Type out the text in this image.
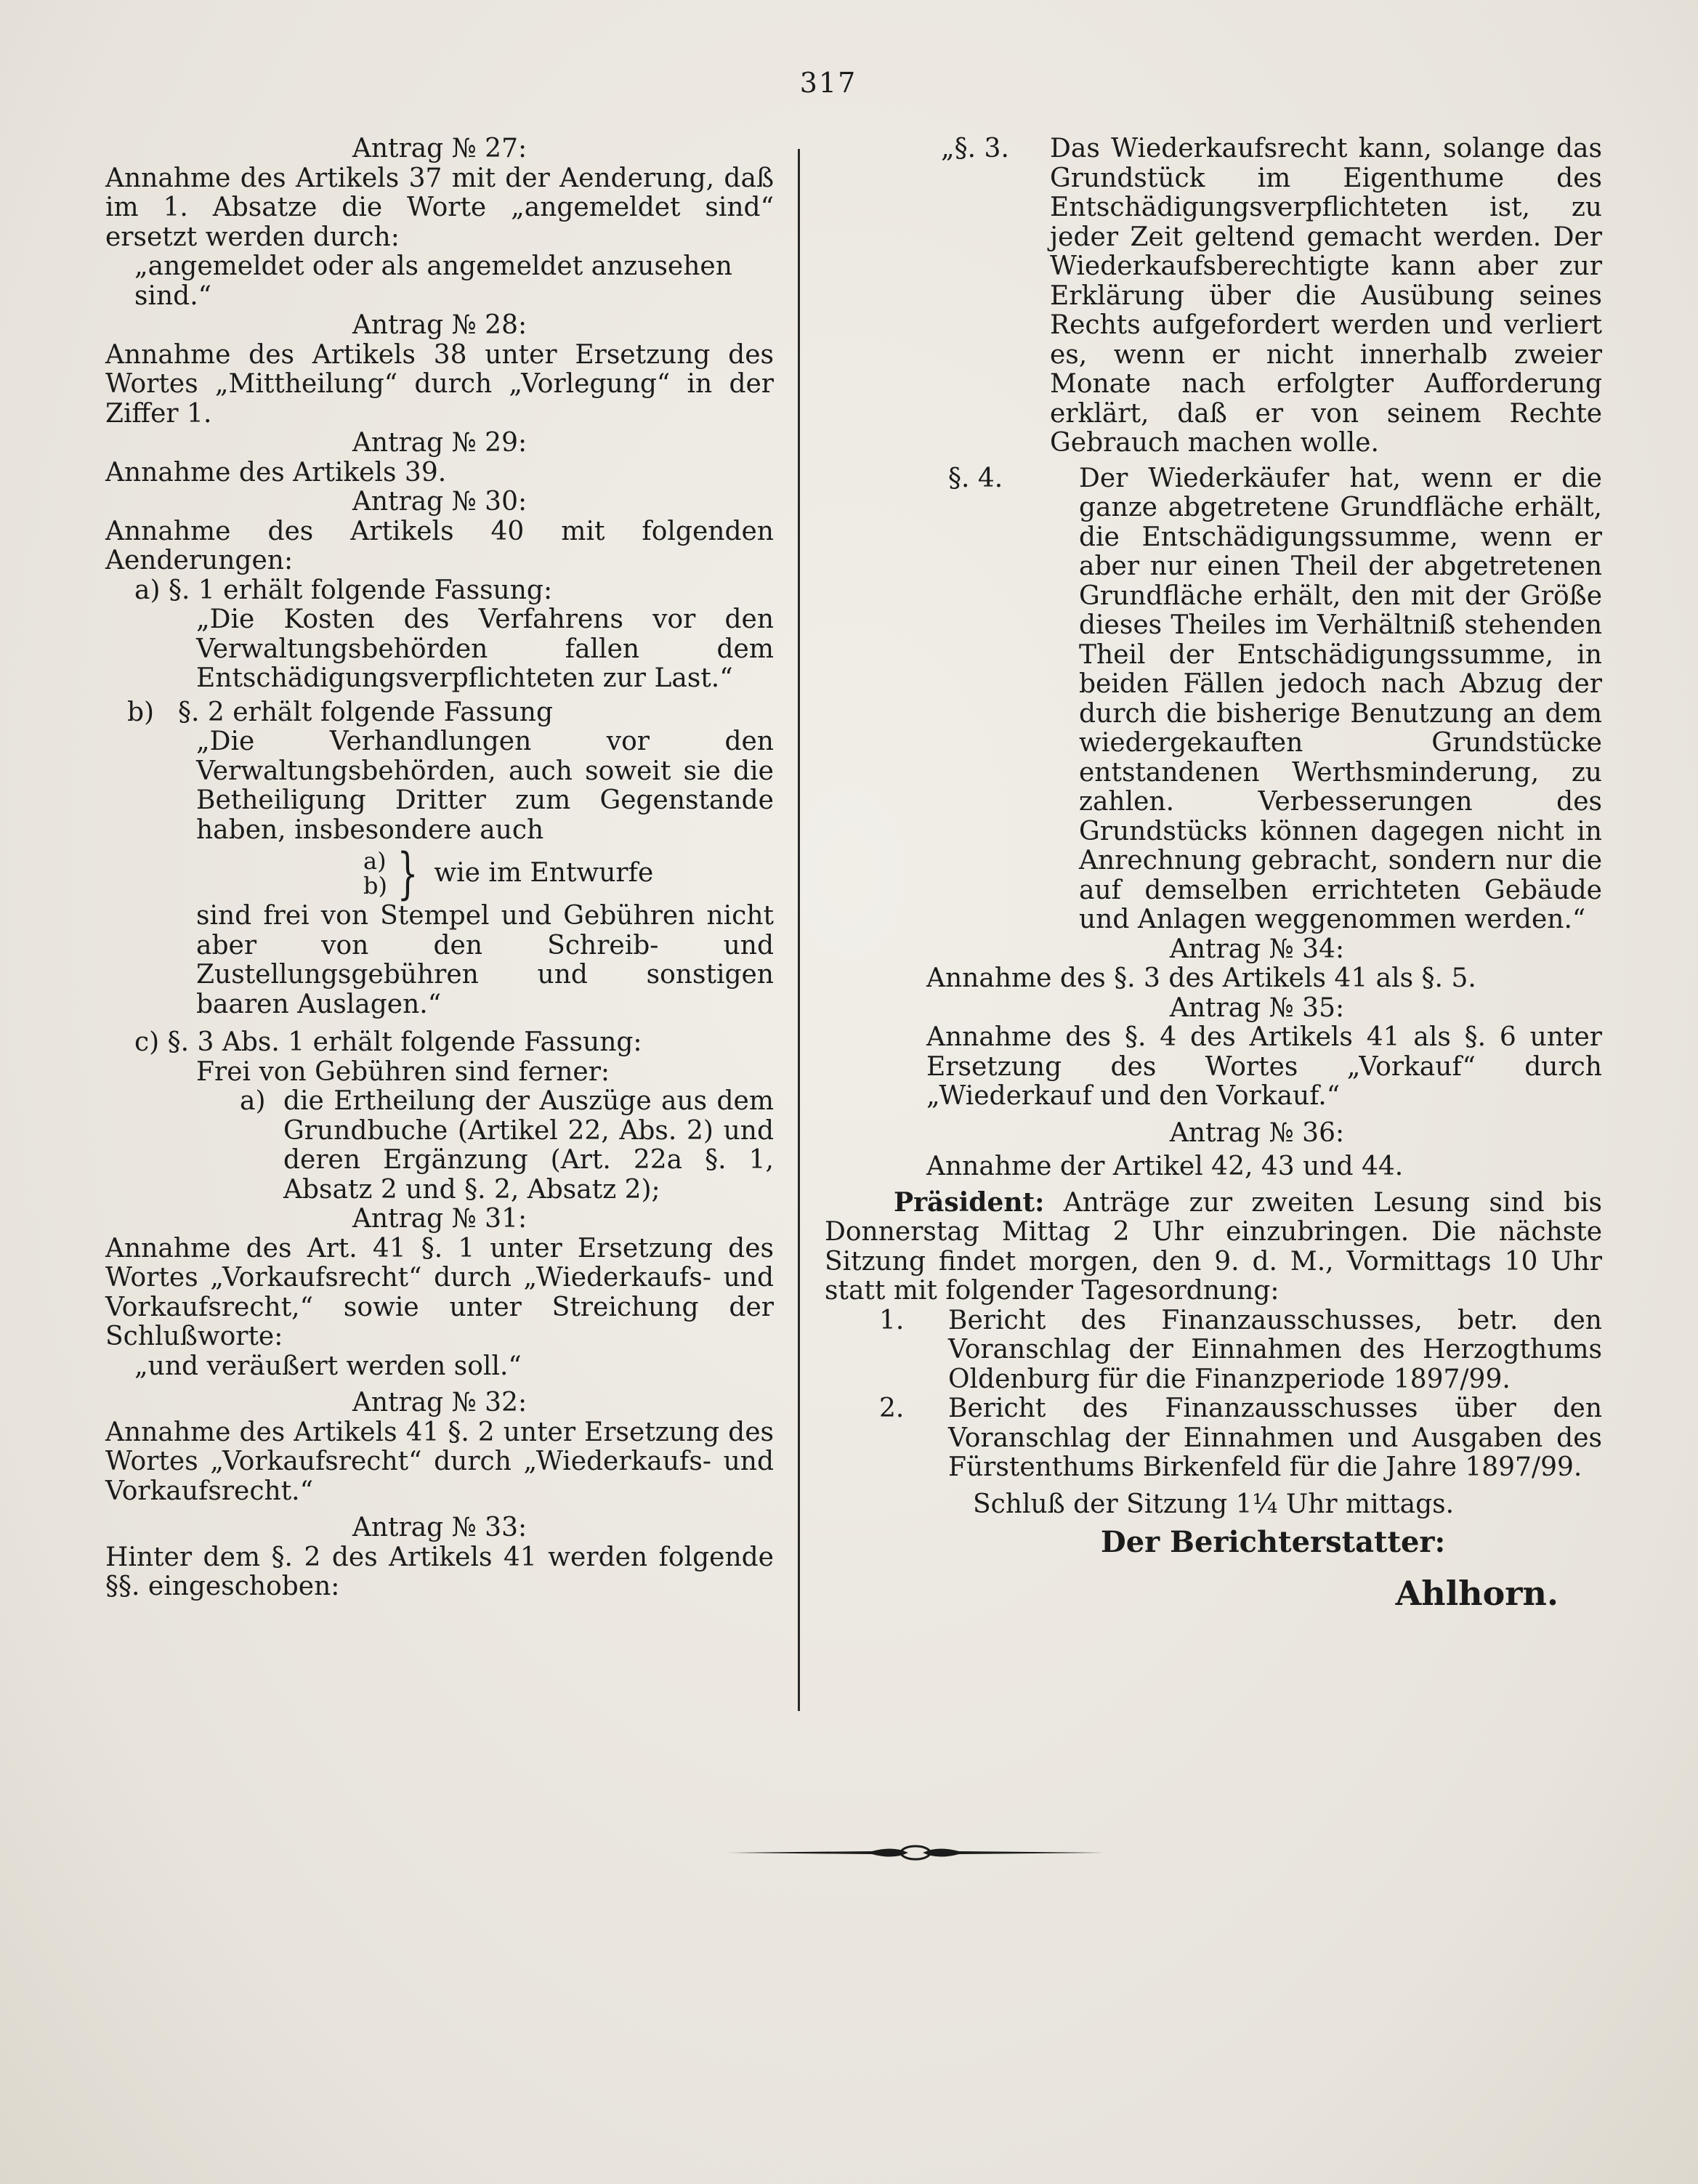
317

Antrag № 27:

Annahme des Artikels 37 mit der Aenderung, daß im 1. Absatze die Worte „angemeldet sind“ ersetzt werden durch:

„angemeldet oder als angemeldet anzusehen sind.“

Antrag № 28:

Annahme des Artikels 38 unter Ersetzung des Wortes „Mittheilung“ durch „Vorlegung“ in der Ziffer 1.

Antrag № 29:

Annahme des Artikels 39.

Antrag № 30:

Annahme des Artikels 40 mit folgenden Aenderungen:

a) §. 1 erhält folgende Fassung:

„Die Kosten des Verfahrens vor den Verwaltungsbehörden fallen dem Entschädigungsverpflichteten zur Last.“

b) §. 2 erhält folgende Fassung

„Die Verhandlungen vor den Verwaltungsbehörden, auch soweit sie die Betheiligung Dritter zum Gegenstande haben, insbesondere auch

a)
b) } wie im Entwurfe

sind frei von Stempel und Gebühren nicht aber von den Schreib- und Zustellungsgebühren und sonstigen baaren Auslagen.“

c) §. 3 Abs. 1 erhält folgende Fassung:

Frei von Gebühren sind ferner:

a) die Ertheilung der Auszüge aus dem Grundbuche (Artikel 22, Abs. 2) und deren Ergänzung (Art. 22a §. 1, Absatz 2 und §. 2, Absatz 2);

Antrag № 31:

Annahme des Art. 41 §. 1 unter Ersetzung des Wortes „Vorkaufsrecht“ durch „Wiederkaufs- und Vorkaufsrecht,“ sowie unter Streichung der Schlußworte:

„und veräußert werden soll.“

Antrag № 32:

Annahme des Artikels 41 §. 2 unter Ersetzung des Wortes „Vorkaufsrecht“ durch „Wiederkaufs- und Vorkaufsrecht.“

Antrag № 33:

Hinter dem §. 2 des Artikels 41 werden folgende §§. eingeschoben:

„§. 3.	Das Wiederkaufsrecht kann, solange das Grundstück im Eigenthume des Entschädigungsverpflichteten ist, zu jeder Zeit geltend gemacht werden. Der Wiederkaufsberechtigte kann aber zur Erklärung über die Ausübung seines Rechts aufgefordert werden und verliert es, wenn er nicht innerhalb zweier Monate nach erfolgter Aufforderung erklärt, daß er von seinem Rechte Gebrauch machen wolle.
§. 4.	Der Wiederkäufer hat, wenn er die ganze abgetretene Grundfläche erhält, die Entschädigungssumme, wenn er aber nur einen Theil der abgetretenen Grundfläche erhält, den mit der Größe dieses Theiles im Verhältniß stehenden Theil der Entschädigungssumme, in beiden Fällen jedoch nach Abzug der durch die bisherige Benutzung an dem wiedergekauften Grundstücke entstandenen Werthsminderung, zu zahlen. Verbesserungen des Grundstücks können dagegen nicht in Anrechnung gebracht, sondern nur die auf demselben errichteten Gebäude und Anlagen weggenommen werden.“

Antrag № 34:

Annahme des §. 3 des Artikels 41 als §. 5.

Antrag № 35:

Annahme des §. 4 des Artikels 41 als §. 6 unter Ersetzung des Wortes „Vorkauf“ durch „Wiederkauf und den Vorkauf.“

Antrag № 36:

Annahme der Artikel 42, 43 und 44.

Präsident: Anträge zur zweiten Lesung sind bis Donnerstag Mittag 2 Uhr einzubringen. Die nächste Sitzung findet morgen, den 9. d. M., Vormittags 10 Uhr statt mit folgender Tagesordnung:

1.	Bericht des Finanzausschusses, betr. den Voranschlag der Einnahmen des Herzogthums Oldenburg für die Finanzperiode 1897/99.
2.	Bericht des Finanzausschusses über den Voranschlag der Einnahmen und Ausgaben des Fürstenthums Birkenfeld für die Jahre 1897/99.

Schluß der Sitzung 1¼ Uhr mittags.

Der Berichterstatter:

Ahlhorn.
